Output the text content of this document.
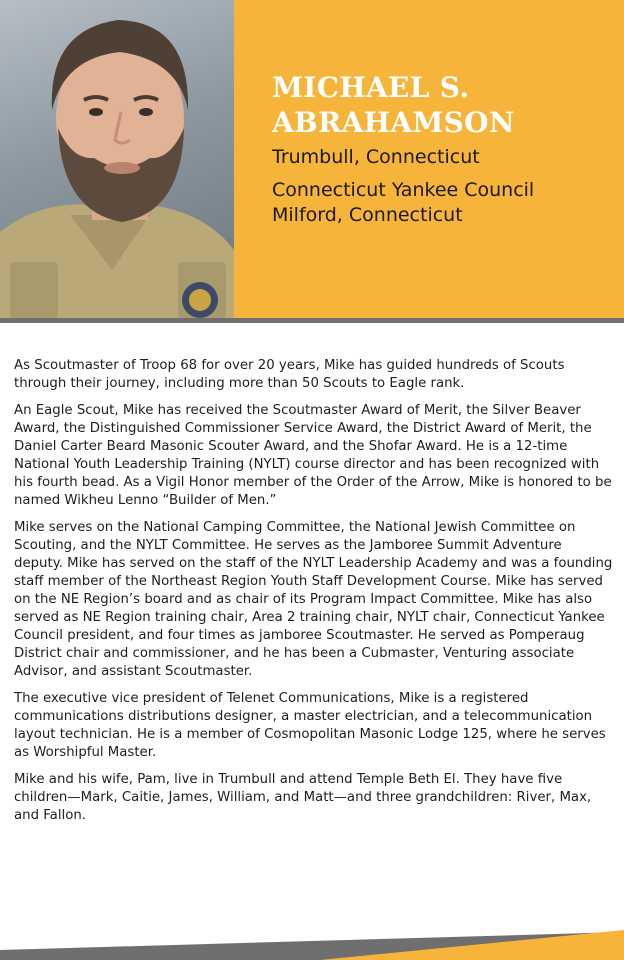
MICHAEL S. ABRAHAMSON

Trumbull, Connecticut

Connecticut Yankee Council

Milford, Connecticut

As Scoutmaster of Troop 68 for over 20 years, Mike has guided hundreds of Scouts through their journey, including more than 50 Scouts to Eagle rank.

An Eagle Scout, Mike has received the Scoutmaster Award of Merit, the Silver Beaver Award, the Distinguished Commissioner Service Award, the District Award of Merit, the Daniel Carter Beard Masonic Scouter Award, and the Shofar Award. He is a 12-time National Youth Leadership Training (NYLT) course director and has been recognized with his fourth bead. As a Vigil Honor member of the Order of the Arrow, Mike is honored to be named Wikheu Lenno “Builder of Men.”

Mike serves on the National Camping Committee, the National Jewish Committee on Scouting, and the NYLT Committee. He serves as the Jamboree Summit Adventure deputy. Mike has served on the staff of the NYLT Leadership Academy and was a founding staff member of the Northeast Region Youth Staff Development Course. Mike has served on the NE Region’s board and as chair of its Program Impact Committee. Mike has also served as NE Region training chair, Area 2 training chair, NYLT chair, Connecticut Yankee Council president, and four times as jamboree Scoutmaster. He served as Pomperaug District chair and commissioner, and he has been a Cubmaster, Venturing associate Advisor, and assistant Scoutmaster.

The executive vice president of Telenet Communications, Mike is a registered communications distributions designer, a master electrician, and a telecommunication layout technician. He is a member of Cosmopolitan Masonic Lodge 125, where he serves as Worshipful Master.

Mike and his wife, Pam, live in Trumbull and attend Temple Beth El. They have five children—Mark, Caitie, James, William, and Matt—and three grandchildren: River, Max, and Fallon.
